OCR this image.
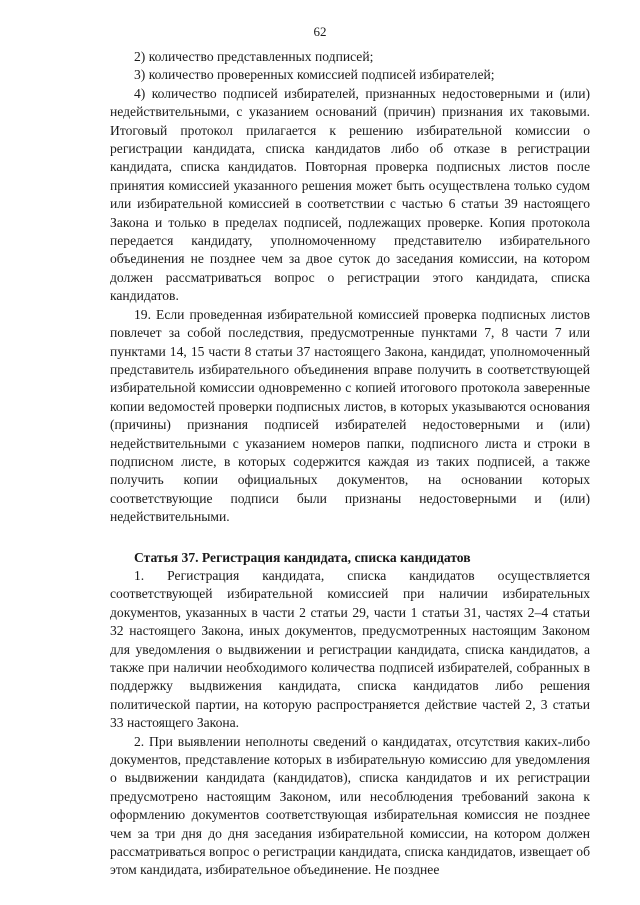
62

2) количество представленных подписей;

3) количество проверенных комиссией подписей избирателей;

4) количество подписей избирателей, признанных недостоверными и (или) недействительными, с указанием оснований (причин) признания их таковыми. Итоговый протокол прилагается к решению избирательной комиссии о регистрации кандидата, списка кандидатов либо об отказе в регистрации кандидата, списка кандидатов. Повторная проверка подписных листов после принятия комиссией указанного решения может быть осуществлена только судом или избирательной комиссией в соответствии с частью 6 статьи 39 настоящего Закона и только в пределах подписей, подлежащих проверке. Копия протокола передается кандидату, уполномоченному представителю избирательного объединения не позднее чем за двое суток до заседания комиссии, на котором должен рассматриваться вопрос о регистрации этого кандидата, списка кандидатов.

19. Если проведенная избирательной комиссией проверка подписных листов повлечет за собой последствия, предусмотренные пунктами 7, 8 части 7 или пунктами 14, 15 части 8 статьи 37 настоящего Закона, кандидат, уполномоченный представитель избирательного объединения вправе получить в соответствующей избирательной комиссии одновременно с копией итогового протокола заверенные копии ведомостей проверки подписных листов, в которых указываются основания (причины) признания подписей избирателей недостоверными и (или) недействительными с указанием номеров папки, подписного листа и строки в подписном листе, в которых содержится каждая из таких подписей, а также получить копии официальных документов, на основании которых соответствующие подписи были признаны недостоверными и (или) недействительными.

Статья 37. Регистрация кандидата, списка кандидатов

1. Регистрация кандидата, списка кандидатов осуществляется соответствующей избирательной комиссией при наличии избирательных документов, указанных в части 2 статьи 29, части 1 статьи 31, частях 2–4 статьи 32 настоящего Закона, иных документов, предусмотренных настоящим Законом для уведомления о выдвижении и регистрации кандидата, списка кандидатов, а также при наличии необходимого количества подписей избирателей, собранных в поддержку выдвижения кандидата, списка кандидатов либо решения политической партии, на которую распространяется действие частей 2, 3 статьи 33 настоящего Закона.

2. При выявлении неполноты сведений о кандидатах, отсутствия каких-либо документов, представление которых в избирательную комиссию для уведомления о выдвижении кандидата (кандидатов), списка кандидатов и их регистрации предусмотрено настоящим Законом, или несоблюдения требований закона к оформлению документов соответствующая избирательная комиссия не позднее чем за три дня до дня заседания избирательной комиссии, на котором должен рассматриваться вопрос о регистрации кандидата, списка кандидатов, извещает об этом кандидата, избирательное объединение. Не позднее
